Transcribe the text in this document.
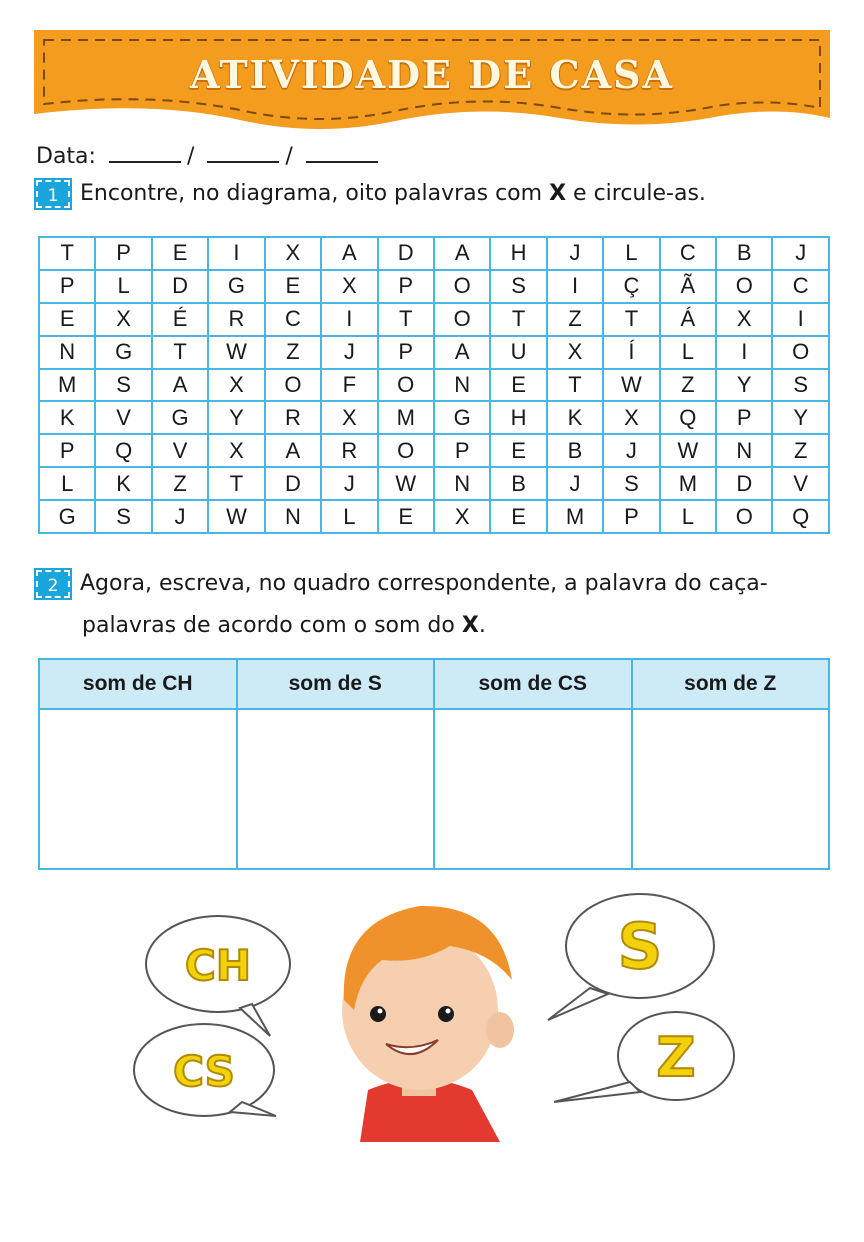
ATIVIDADE DE CASA
Data:	/	/
1 Encontre, no diagrama, oito palavras com X e circule-as.
T	P	E	I	X	A	D	A	H	J	L	C	B	J
P	L	D	G	E	X	P	O	S	I	Ç	Ã	O	C
E	X	É	R	C	I	T	O	T	Z	T	Á	X	I
N	G	T	W	Z	J	P	A	U	X	Í	L	I	O
M	S	A	X	O	F	O	N	E	T	W	Z	Y	S
K	V	G	Y	R	X	M	G	H	K	X	Q	P	Y
P	Q	V	X	A	R	O	P	E	B	J	W	N	Z
L	K	Z	T	D	J	W	N	B	J	S	M	D	V
G	S	J	W	N	L	E	X	E	M	P	L	O	Q
2 Agora, escreva, no quadro correspondente, a palavra do caça-
palavras de acordo com o som do X.
som de CH	som de S	som de CS	som de Z

CH
CS
S
Z
